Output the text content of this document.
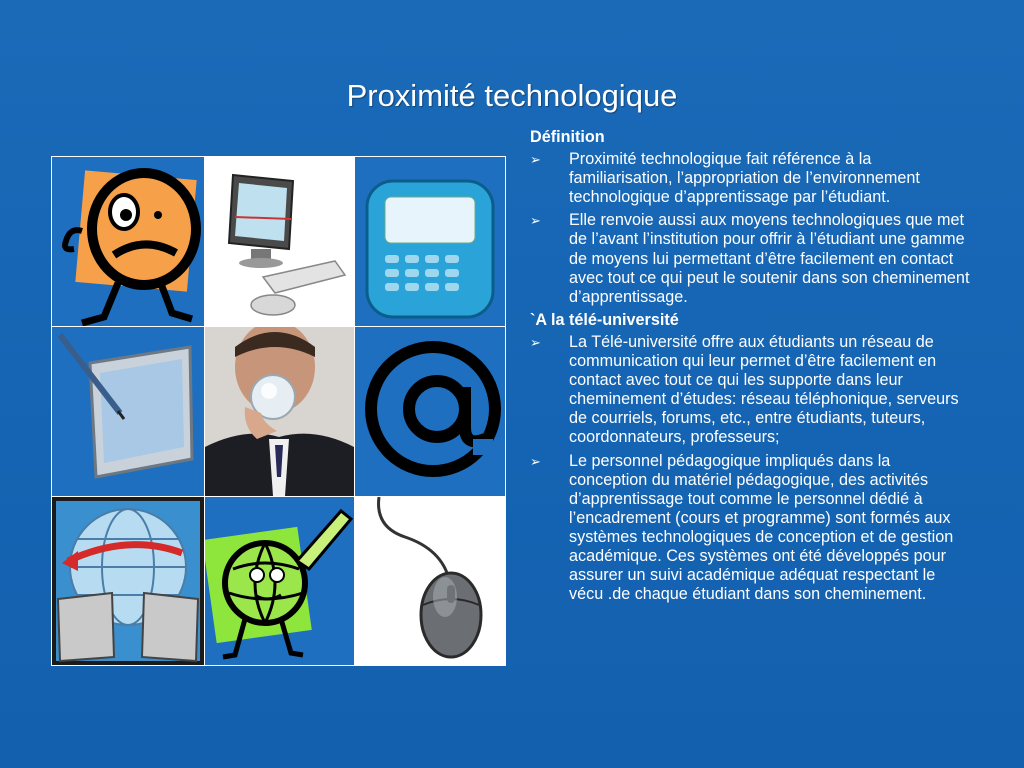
Proximité technologique
Définition
➢ Proximité technologique fait référence à la familiarisation, l’appropriation de l’environnement technologique d’apprentissage par l’étudiant.
➢ Elle renvoie aussi aux moyens technologiques que met de l’avant l’institution pour offrir à l’étudiant une gamme de moyens lui permettant d’être facilement en contact avec tout ce qui peut le soutenir dans son cheminement d’apprentissage.
`A la télé-université
➢ La Télé-université offre aux étudiants un réseau de communication qui leur permet d’être facilement en contact avec tout ce qui les supporte dans leur cheminement d’études: réseau téléphonique, serveurs de courriels, forums, etc., entre étudiants, tuteurs, coordonnateurs, professeurs;
➢ Le personnel pédagogique impliqués dans la conception du matériel pédagogique, des activités d’apprentissage tout comme le personnel dédié à l’encadrement (cours et programme) sont formés aux systèmes technologiques de conception et de gestion académique. Ces systèmes ont été développés pour assurer un suivi académique adéquat respectant le vécu .de chaque étudiant dans son cheminement.
